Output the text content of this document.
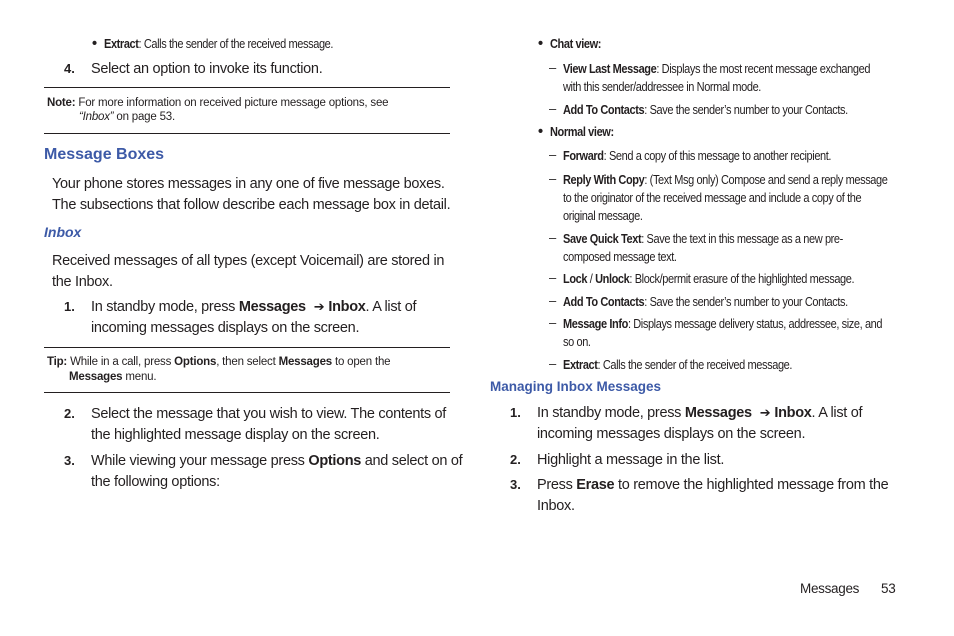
• Extract: Calls the sender of the received message.
4. Select an option to invoke its function.
Note: For more information on received picture message options, see
“Inbox” on page 53.
Message Boxes
Your phone stores messages in any one of five message boxes.
The subsections that follow describe each message box in detail.
Inbox
Received messages of all types (except Voicemail) are stored in
the Inbox.
1. In standby mode, press Messages ➔ Inbox. A list of
incoming messages displays on the screen.
Tip: While in a call, press Options, then select Messages to open the
Messages menu.
2. Select the message that you wish to view. The contents of
the highlighted message display on the screen.
3. While viewing your message press Options and select on of
the following options:
• Chat view:
– View Last Message: Displays the most recent message exchanged
with this sender/addressee in Normal mode.
– Add To Contacts: Save the sender’s number to your Contacts.
• Normal view:
– Forward: Send a copy of this message to another recipient.
– Reply With Copy: (Text Msg only) Compose and send a reply message
to the originator of the received message and include a copy of the
original message.
– Save Quick Text: Save the text in this message as a new pre-
composed message text.
– Lock / Unlock: Block/permit erasure of the highlighted message.
– Add To Contacts: Save the sender’s number to your Contacts.
– Message Info: Displays message delivery status, addressee, size, and
so on.
– Extract: Calls the sender of the received message.
Managing Inbox Messages
1. In standby mode, press Messages ➔ Inbox. A list of
incoming messages displays on the screen.
2. Highlight a message in the list.
3. Press Erase to remove the highlighted message from the
Inbox.
Messages 53
